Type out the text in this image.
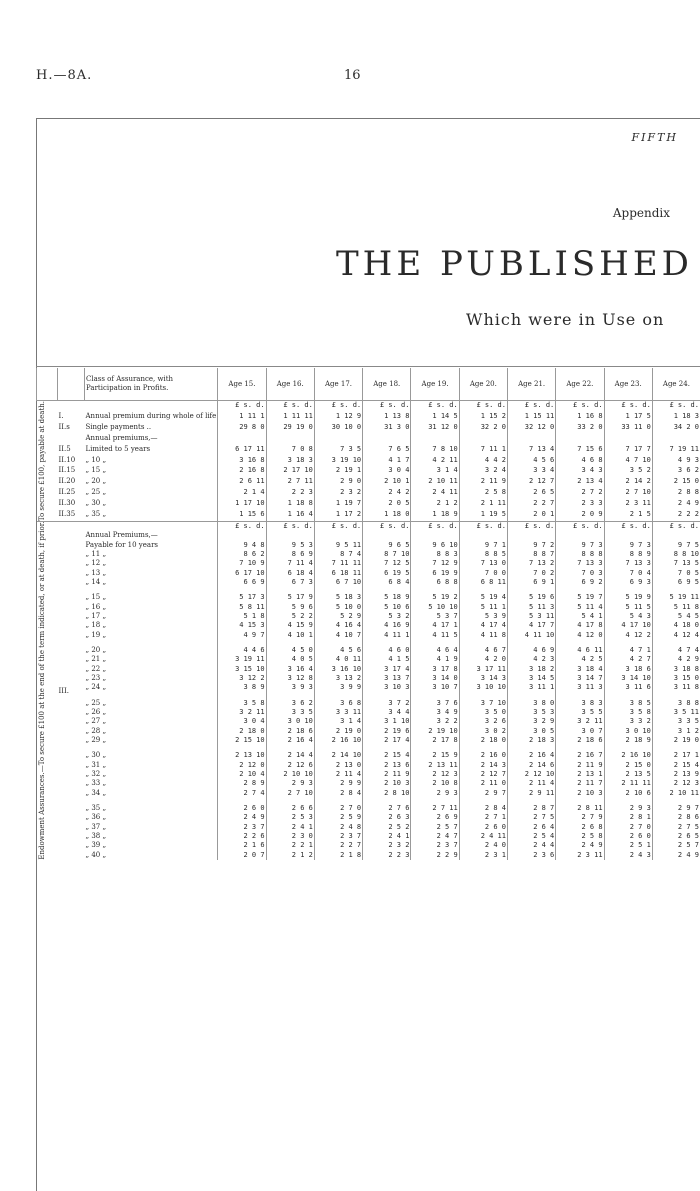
H.—8A.	16
FIFTH
Appendix
THE PUBLISHED
Which were in Use on
		Class of Assurance, with Participation in Profits.	Age 15.	Age 16.	Age 17.	Age 18.	Age 19.	Age 20.	Age 21.	Age 22.	Age 23.	Age 24.
To secure £100, payable at death.			£ s. d.	£ s. d.	£ s. d.	£ s. d.	£ s. d.	£ s. d.	£ s. d.	£ s. d.	£ s. d.	£ s. d.
	I.	Annual premium during whole of life	1 11 1	1 11 11	1 12 9	1 13 8	1 14 5	1 15 2	1 15 11	1 16 8	1 17 5	1 18 3
	II.s	Single payments ..	29 8 0	29 19 0	30 10 0	31 3 0	31 12 0	32 2 0	32 12 0	33 2 0	33 11 0	34 2 0
		Annual premiums,—										
	II.5	Limited to 5 years	6 17 11	7 0 8	7 3 5	7 6 5	7 8 10	7 11 1	7 13 4	7 15 6	7 17 7	7 19 11
	II.10	„ 10 „	3 16 8	3 18 3	3 19 10	4 1 7	4 2 11	4 4 2	4 5 6	4 6 8	4 7 10	4 9 3
	II.15	„ 15 „	2 16 8	2 17 10	2 19 1	3 0 4	3 1 4	3 2 4	3 3 4	3 4 3	3 5 2	3 6 2
	II.20	„ 20 „	2 6 11	2 7 11	2 9 0	2 10 1	2 10 11	2 11 9	2 12 7	2 13 4	2 14 2	2 15 0
	II.25	„ 25 „	2 1 4	2 2 3	2 3 2	2 4 2	2 4 11	2 5 8	2 6 5	2 7 2	2 7 10	2 8 8
	II.30	„ 30 „	1 17 10	1 18 8	1 19 7	2 0 5	2 1 2	2 1 11	2 2 7	2 3 3	2 3 11	2 4 9
	II.35	„ 35 „	1 15 6	1 16 4	1 17 2	1 18 0	1 18 9	1 19 5	2 0 1	2 0 9	2 1 5	2 2 2
Endowment Assurances.—To secure £100 at the end of the term indicated, or at death, if prior.	III.		£ s. d.	£ s. d.	£ s. d.	£ s. d.	£ s. d.	£ s. d.	£ s. d.	£ s. d.	£ s. d.	£ s. d.
		Annual Premiums,—										
		Payable for 10 years	9 4 8	9 5 3	9 5 11	9 6 5	9 6 10	9 7 1	9 7 2	9 7 3	9 7 3	9 7 5
		„ 11 „	8 6 2	8 6 9	8 7 4	8 7 10	8 8 3	8 8 5	8 8 7	8 8 8	8 8 9	8 8 10
		„ 12 „	7 10 9	7 11 4	7 11 11	7 12 5	7 12 9	7 13 0	7 13 2	7 13 3	7 13 3	7 13 5
		„ 13 „	6 17 10	6 18 4	6 18 11	6 19 5	6 19 9	7 0 0	7 0 2	7 0 3	7 0 4	7 0 5
		„ 14 „	6 6 9	6 7 3	6 7 10	6 8 4	6 8 8	6 8 11	6 9 1	6 9 2	6 9 3	6 9 5

		„ 15 „	5 17 3	5 17 9	5 18 3	5 18 9	5 19 2	5 19 4	5 19 6	5 19 7	5 19 9	5 19 11
		„ 16 „	5 8 11	5 9 6	5 10 0	5 10 6	5 10 10	5 11 1	5 11 3	5 11 4	5 11 5	5 11 8
		„ 17 „	5 1 8	5 2 2	5 2 9	5 3 2	5 3 7	5 3 9	5 3 11	5 4 1	5 4 3	5 4 5
		„ 18 „	4 15 3	4 15 9	4 16 4	4 16 9	4 17 1	4 17 4	4 17 7	4 17 8	4 17 10	4 18 0
		„ 19 „	4 9 7	4 10 1	4 10 7	4 11 1	4 11 5	4 11 8	4 11 10	4 12 0	4 12 2	4 12 4

		„ 20 „	4 4 6	4 5 0	4 5 6	4 6 0	4 6 4	4 6 7	4 6 9	4 6 11	4 7 1	4 7 4
		„ 21 „	3 19 11	4 0 5	4 0 11	4 1 5	4 1 9	4 2 0	4 2 3	4 2 5	4 2 7	4 2 9
		„ 22 „	3 15 10	3 16 4	3 16 10	3 17 4	3 17 8	3 17 11	3 18 2	3 18 4	3 18 6	3 18 8
		„ 23 „	3 12 2	3 12 8	3 13 2	3 13 7	3 14 0	3 14 3	3 14 5	3 14 7	3 14 10	3 15 0
		„ 24 „	3 8 9	3 9 3	3 9 9	3 10 3	3 10 7	3 10 10	3 11 1	3 11 3	3 11 6	3 11 8

		„ 25 „	3 5 8	3 6 2	3 6 8	3 7 2	3 7 6	3 7 10	3 8 0	3 8 3	3 8 5	3 8 8
		„ 26 „	3 2 11	3 3 5	3 3 11	3 4 4	3 4 9	3 5 0	3 5 3	3 5 5	3 5 8	3 5 11
		„ 27 „	3 0 4	3 0 10	3 1 4	3 1 10	3 2 2	3 2 6	3 2 9	3 2 11	3 3 2	3 3 5
		„ 28 „	2 18 0	2 18 6	2 19 0	2 19 6	2 19 10	3 0 2	3 0 5	3 0 7	3 0 10	3 1 2
		„ 29 „	2 15 10	2 16 4	2 16 10	2 17 4	2 17 8	2 18 0	2 18 3	2 18 6	2 18 9	2 19 0

		„ 30 „	2 13 10	2 14 4	2 14 10	2 15 4	2 15 9	2 16 0	2 16 4	2 16 7	2 16 10	2 17 1
		„ 31 „	2 12 0	2 12 6	2 13 0	2 13 6	2 13 11	2 14 3	2 14 6	2 11 9	2 15 0	2 15 4
		„ 32 „	2 10 4	2 10 10	2 11 4	2 11 9	2 12 3	2 12 7	2 12 10	2 13 1	2 13 5	2 13 9
		„ 33 „	2 8 9	2 9 3	2 9 9	2 10 3	2 10 8	2 11 0	2 11 4	2 11 7	2 11 11	2 12 3
		„ 34 „	2 7 4	2 7 10	2 8 4	2 8 10	2 9 3	2 9 7	2 9 11	2 10 3	2 10 6	2 10 11

		„ 35 „	2 6 0	2 6 6	2 7 0	2 7 6	2 7 11	2 8 4	2 8 7	2 8 11	2 9 3	2 9 7
		„ 36 „	2 4 9	2 5 3	2 5 9	2 6 3	2 6 9	2 7 1	2 7 5	2 7 9	2 8 1	2 8 6
		„ 37 „	2 3 7	2 4 1	2 4 8	2 5 2	2 5 7	2 6 0	2 6 4	2 6 8	2 7 0	2 7 5
		„ 38 „	2 2 6	2 3 0	2 3 7	2 4 1	2 4 7	2 4 11	2 5 4	2 5 8	2 6 0	2 6 5
		„ 39 „	2 1 6	2 2 1	2 2 7	2 3 2	2 3 7	2 4 0	2 4 4	2 4 9	2 5 1	2 5 7
		„ 40 „	2 0 7	2 1 2	2 1 8	2 2 3	2 2 9	2 3 1	2 3 6	2 3 11	2 4 3	2 4 9
